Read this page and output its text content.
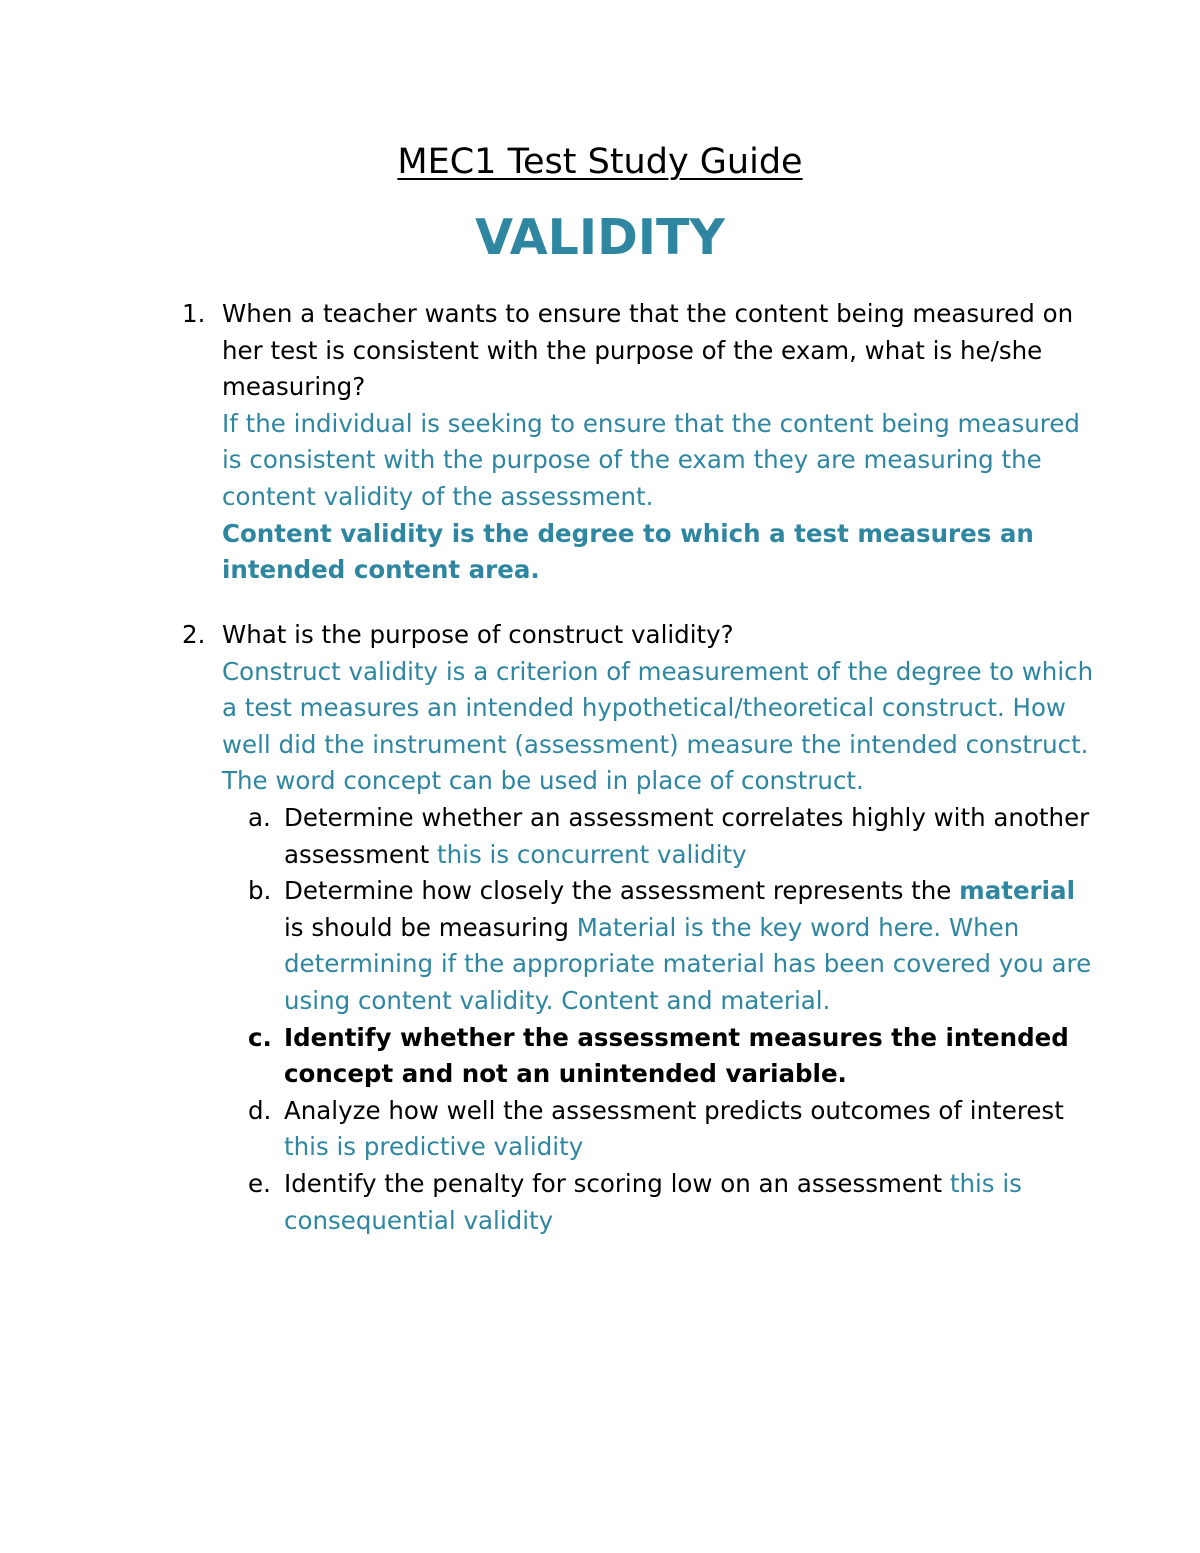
MEC1 Test Study Guide
VALIDITY
1. When a teacher wants to ensure that the content being measured on her test is consistent with the purpose of the exam, what is he/she measuring?
If the individual is seeking to ensure that the content being measured is consistent with the purpose of the exam they are measuring the content validity of the assessment.
Content validity is the degree to which a test measures an intended content area.
2. What is the purpose of construct validity?
Construct validity is a criterion of measurement of the degree to which a test measures an intended hypothetical/theoretical construct. How well did the instrument (assessment) measure the intended construct. The word concept can be used in place of construct.
a. Determine whether an assessment correlates highly with another assessment this is concurrent validity
b. Determine how closely the assessment represents the material is should be measuring Material is the key word here. When determining if the appropriate material has been covered you are using content validity. Content and material.
c. Identify whether the assessment measures the intended concept and not an unintended variable.
d. Analyze how well the assessment predicts outcomes of interest this is predictive validity
e. Identify the penalty for scoring low on an assessment this is consequential validity
